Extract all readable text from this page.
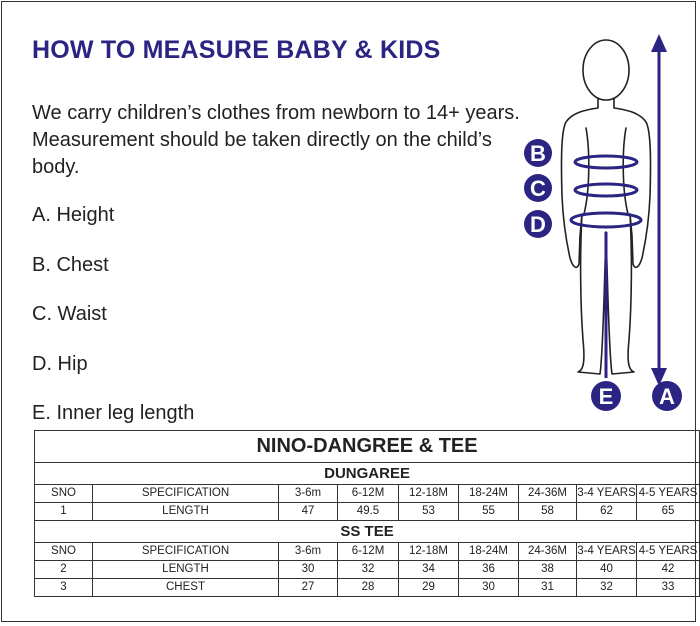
HOW TO MEASURE BABY & KIDS

We carry children’s clothes from newborn to 14+ years. Measurement should be taken directly on the child’s body.

A. Height

B. Chest

C. Waist

D. Hip

E. Inner leg length

B
C
D
E A
NINO-DANGREE & TEE								
DUNGAREE								
SNO	SPECIFICATION	3-6m	6-12M	12-18M	18-24M	24-36M	3-4 YEARS	4-5 YEARS
1	LENGTH	47	49.5	53	55	58	62	65
SS TEE								
SNO	SPECIFICATION	3-6m	6-12M	12-18M	18-24M	24-36M	3-4 YEARS	4-5 YEARS
2	LENGTH	30	32	34	36	38	40	42
3	CHEST	27	28	29	30	31	32	33
